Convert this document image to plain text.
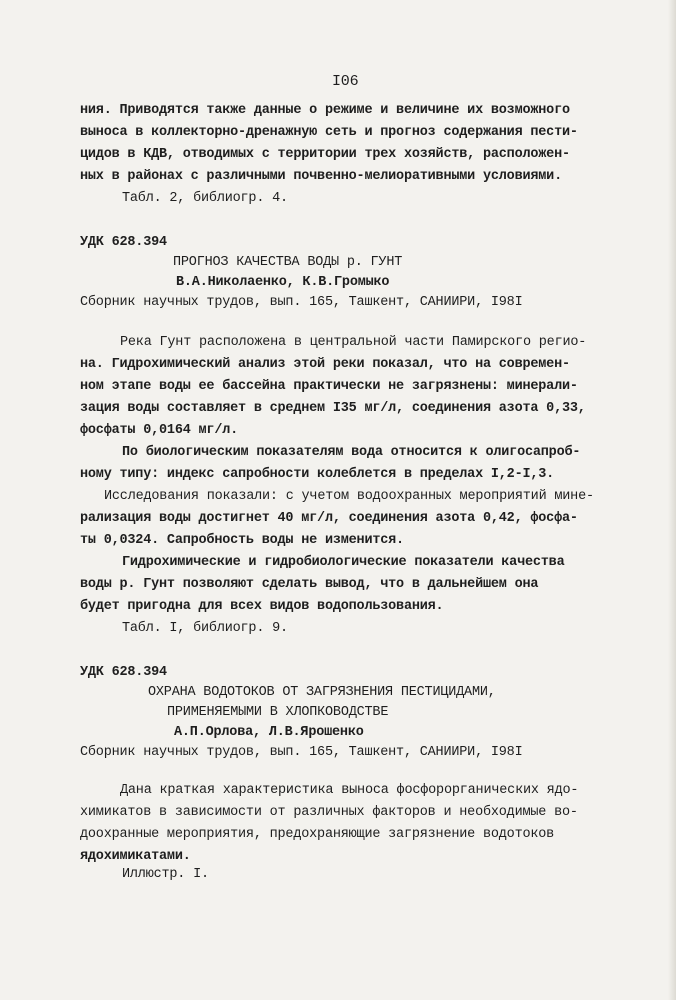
I06
ния. Приводятся также данные о режиме и величине их возможного
выноса в коллекторно-дренажную сеть и прогноз содержания пести-
цидов в КДВ, отводимых с территории трех хозяйств, расположен-
ных в районах с различными почвенно-мелиоративными условиями.
Табл. 2, библиогр. 4.
УДК 628.394
ПРОГНОЗ КАЧЕСТВА ВОДЫ р. ГУНТ
В.А.Николаенко, К.В.Громыко
Сборник научных трудов, вып. 165, Ташкент, САНИИРИ, I98I
Река Гунт расположена в центральной части Памирского регио-
на. Гидрохимический анализ этой реки показал, что на современ-
ном этапе воды ее бассейна практически не загрязнены: минерали-
зация воды составляет в среднем I35 мг/л, соединения азота 0,33,
фосфаты 0,0164 мг/л.
По биологическим показателям вода относится к олигосапроб-
ному типу: индекс сапробности колеблется в пределах I,2-I,3.
Исследования показали: с учетом водоохранных мероприятий мине-
рализация воды достигнет 40 мг/л, соединения азота 0,42, фосфа-
ты 0,0324. Сапробность воды не изменится.
Гидрохимические и гидробиологические показатели качества
воды р. Гунт позволяют сделать вывод, что в дальнейшем она
будет пригодна для всех видов водопользования.
Табл. I, библиогр. 9.
УДК 628.394
ОХРАНА ВОДОТОКОВ ОТ ЗАГРЯЗНЕНИЯ ПЕСТИЦИДАМИ,
ПРИМЕНЯЕМЫМИ В ХЛОПКОВОДСТВЕ
А.П.Орлова, Л.В.Ярошенко
Сборник научных трудов, вып. 165, Ташкент, САНИИРИ, I98I
Дана краткая характеристика выноса фосфорорганических ядо-
химикатов в зависимости от различных факторов и необходимые во-
доохранные мероприятия, предохраняющие загрязнение водотоков
ядохимикатами.
Иллюстр. I.
